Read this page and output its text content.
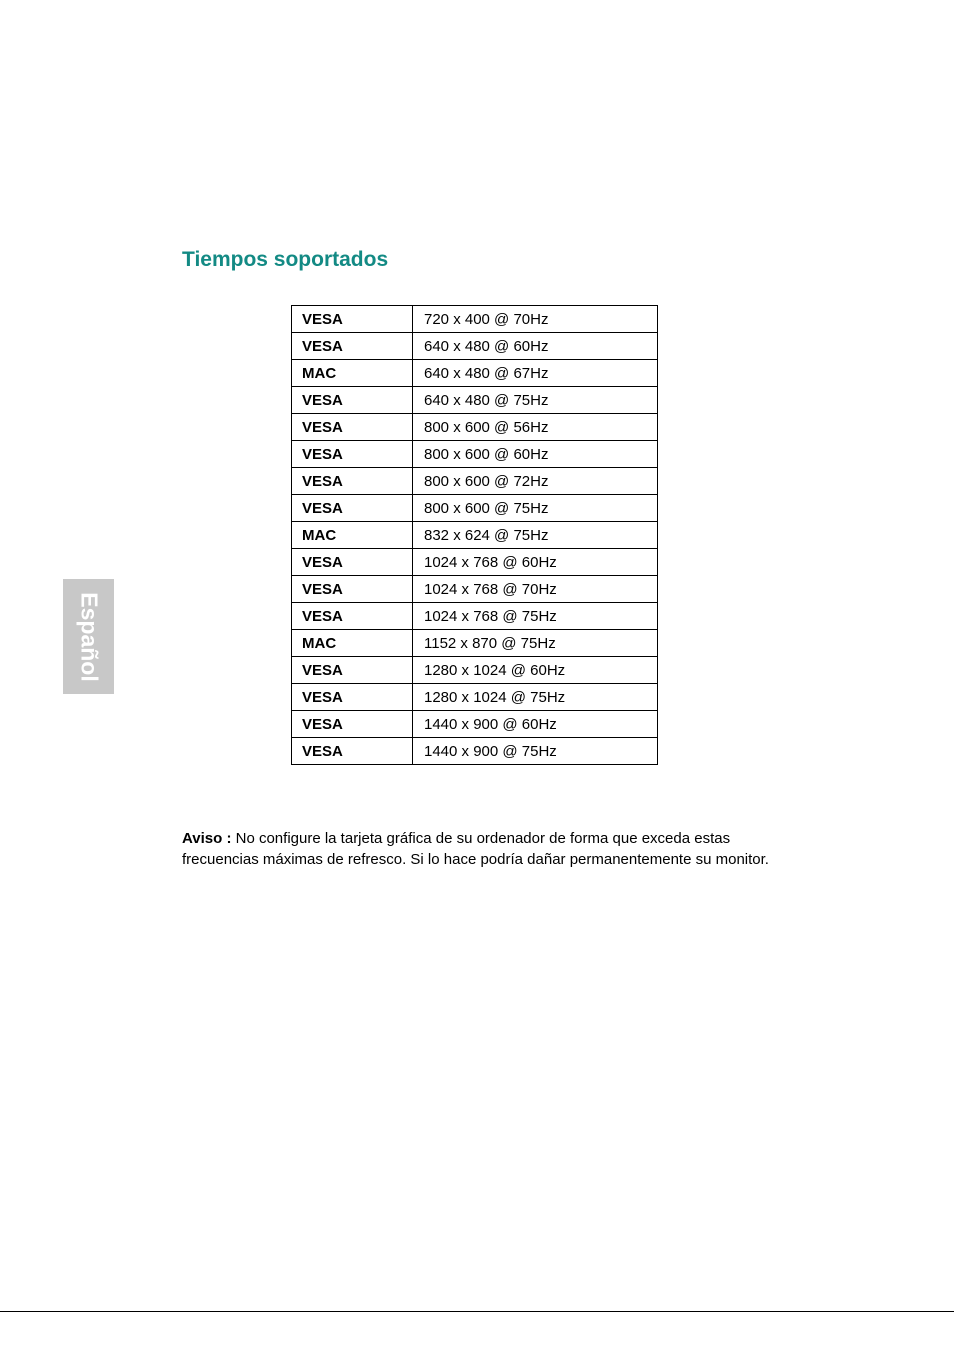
Tiempos soportados
VESA	720 x 400 @ 70Hz
VESA	640 x 480 @ 60Hz
MAC	640 x 480 @ 67Hz
VESA	640 x 480 @ 75Hz
VESA	800 x 600 @ 56Hz
VESA	800 x 600 @ 60Hz
VESA	800 x 600 @ 72Hz
VESA	800 x 600 @ 75Hz
MAC	832 x 624 @ 75Hz
VESA	1024 x 768 @ 60Hz
VESA	1024 x 768 @ 70Hz
VESA	1024 x 768 @ 75Hz
MAC	1152 x 870 @ 75Hz
VESA	1280 x 1024 @ 60Hz
VESA	1280 x 1024 @ 75Hz
VESA	1440 x 900 @ 60Hz
VESA	1440 x 900 @ 75Hz

Aviso : No configure la tarjeta gráfica de su ordenador de forma que exceda estas frecuencias máximas de refresco. Si lo hace podría dañar permanentemente su monitor.

Español
